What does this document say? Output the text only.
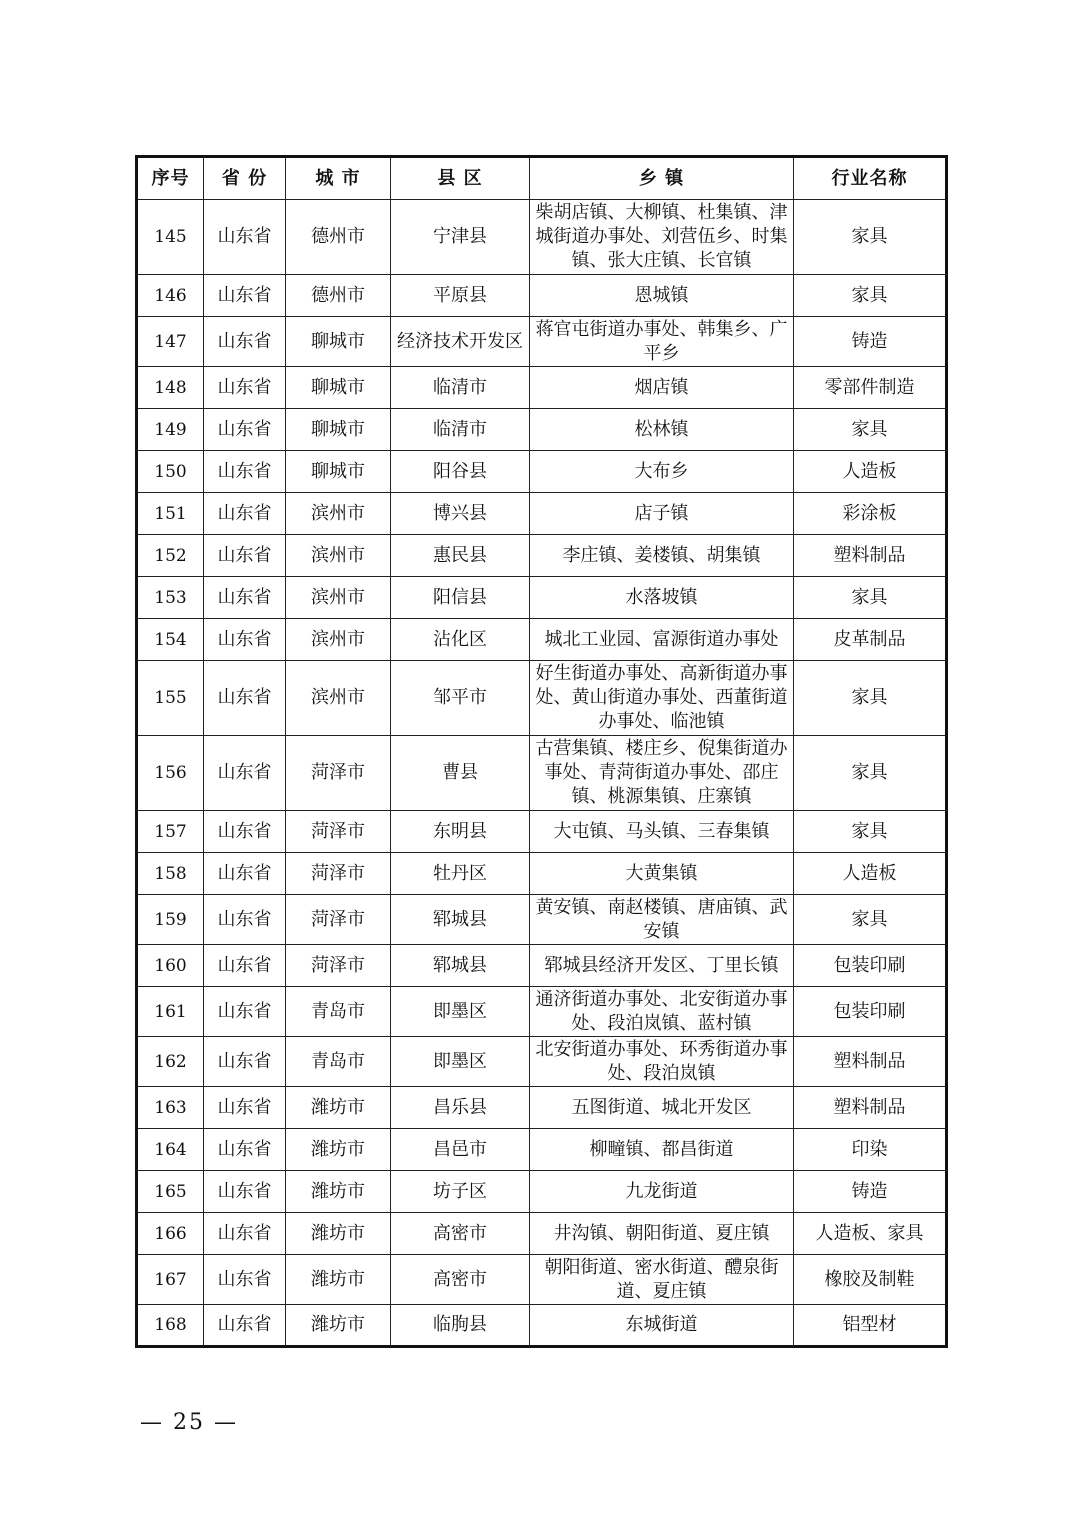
序号	省 份	城 市	县 区	乡 镇	行业名称
145	山东省	德州市	宁津县	柴胡店镇、大柳镇、杜集镇、津城街道办事处、刘营伍乡、时集镇、张大庄镇、长官镇	家具
146	山东省	德州市	平原县	恩城镇	家具
147	山东省	聊城市	经济技术开发区	蒋官屯街道办事处、韩集乡、广平乡	铸造
148	山东省	聊城市	临清市	烟店镇	零部件制造
149	山东省	聊城市	临清市	松林镇	家具
150	山东省	聊城市	阳谷县	大布乡	人造板
151	山东省	滨州市	博兴县	店子镇	彩涂板
152	山东省	滨州市	惠民县	李庄镇、姜楼镇、胡集镇	塑料制品
153	山东省	滨州市	阳信县	水落坡镇	家具
154	山东省	滨州市	沾化区	城北工业园、富源街道办事处	皮革制品
155	山东省	滨州市	邹平市	好生街道办事处、高新街道办事处、黄山街道办事处、西董街道办事处、临池镇	家具
156	山东省	菏泽市	曹县	古营集镇、楼庄乡、倪集街道办事处、青菏街道办事处、邵庄镇、桃源集镇、庄寨镇	家具
157	山东省	菏泽市	东明县	大屯镇、马头镇、三春集镇	家具
158	山东省	菏泽市	牡丹区	大黄集镇	人造板
159	山东省	菏泽市	郓城县	黄安镇、南赵楼镇、唐庙镇、武安镇	家具
160	山东省	菏泽市	郓城县	郓城县经济开发区、丁里长镇	包装印刷
161	山东省	青岛市	即墨区	通济街道办事处、北安街道办事处、段泊岚镇、蓝村镇	包装印刷
162	山东省	青岛市	即墨区	北安街道办事处、环秀街道办事处、段泊岚镇	塑料制品
163	山东省	潍坊市	昌乐县	五图街道、城北开发区	塑料制品
164	山东省	潍坊市	昌邑市	柳疃镇、都昌街道	印染
165	山东省	潍坊市	坊子区	九龙街道	铸造
166	山东省	潍坊市	高密市	井沟镇、朝阳街道、夏庄镇	人造板、家具
167	山东省	潍坊市	高密市	朝阳街道、密水街道、醴泉街道、夏庄镇	橡胶及制鞋
168	山东省	潍坊市	临朐县	东城街道	铝型材
— 25 —
